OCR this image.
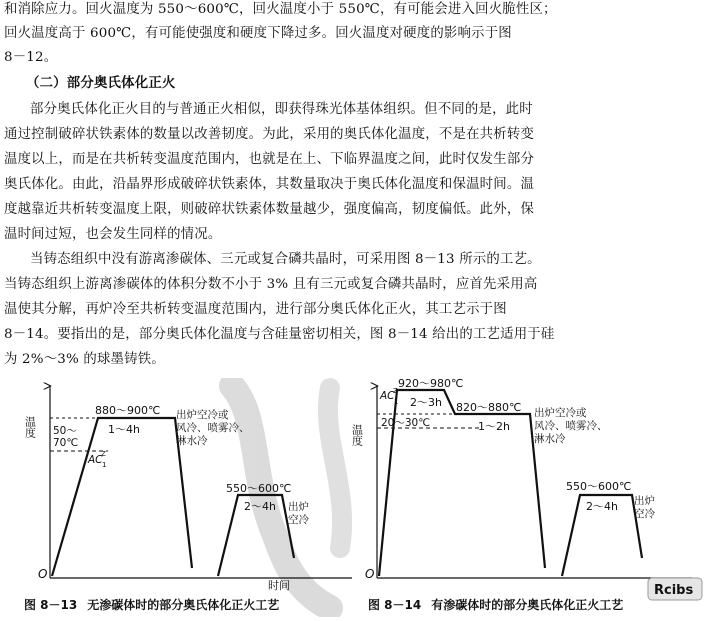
和消除应力。回火温度为 550～600℃，回火温度小于 550℃，有可能会进入回火脆性区；
回火温度高于 600℃，有可能使强度和硬度下降过多。回火温度对硬度的影响示于图
8－12。
（二）部分奥氏体化正火
部分奥氏体化正火目的与普通正火相似，即获得珠光体基体组织。但不同的是，此时
通过控制破碎状铁素体的数量以改善韧度。为此，采用的奥氏体化温度，不是在共析转变
温度以上，而是在共析转变温度范围内，也就是在上、下临界温度之间，此时仅发生部分
奥氏体化。由此，沿晶界形成破碎状铁素体，其数量取决于奥氏体化温度和保温时间。温
度越靠近共析转变温度上限，则破碎状铁素体数量越少，强度偏高，韧度偏低。此外，保
温时间过短，也会发生同样的情况。
当铸态组织中没有游离渗碳体、三元或复合磷共晶时，可采用图 8－13 所示的工艺。
当铸态组织上游离渗碳体的体积分数不小于 3% 且有三元或复合磷共晶时，应首先采用高
温使其分解，再炉冷至共析转变温度范围内，进行部分奥氏体化正火，其工艺示于图
8－14。要指出的是，部分奥氏体化温度与含硅量密切相关，图 8－14 给出的工艺适用于硅
为 2%～3% 的球墨铸铁。
温度
O
50～
70℃
AC
Z
1
880～900℃
1～4h
出炉空冷或
风冷、喷雾冷、
淋水冷
550～600℃
2～4h 出炉
空冷
温度
O
时间
AC
Z
1
20～30℃
920～980℃
2～3h 820～880℃
1～2h
出炉空冷或
风冷、喷雾冷、
淋水冷
550～600℃
2～4h 出炉
空冷
Rcibs
图 8－13 无渗碳体时的部分奥氏体化正火工艺	图 8－14 有渗碳体时的部分奥氏体化正火工艺
